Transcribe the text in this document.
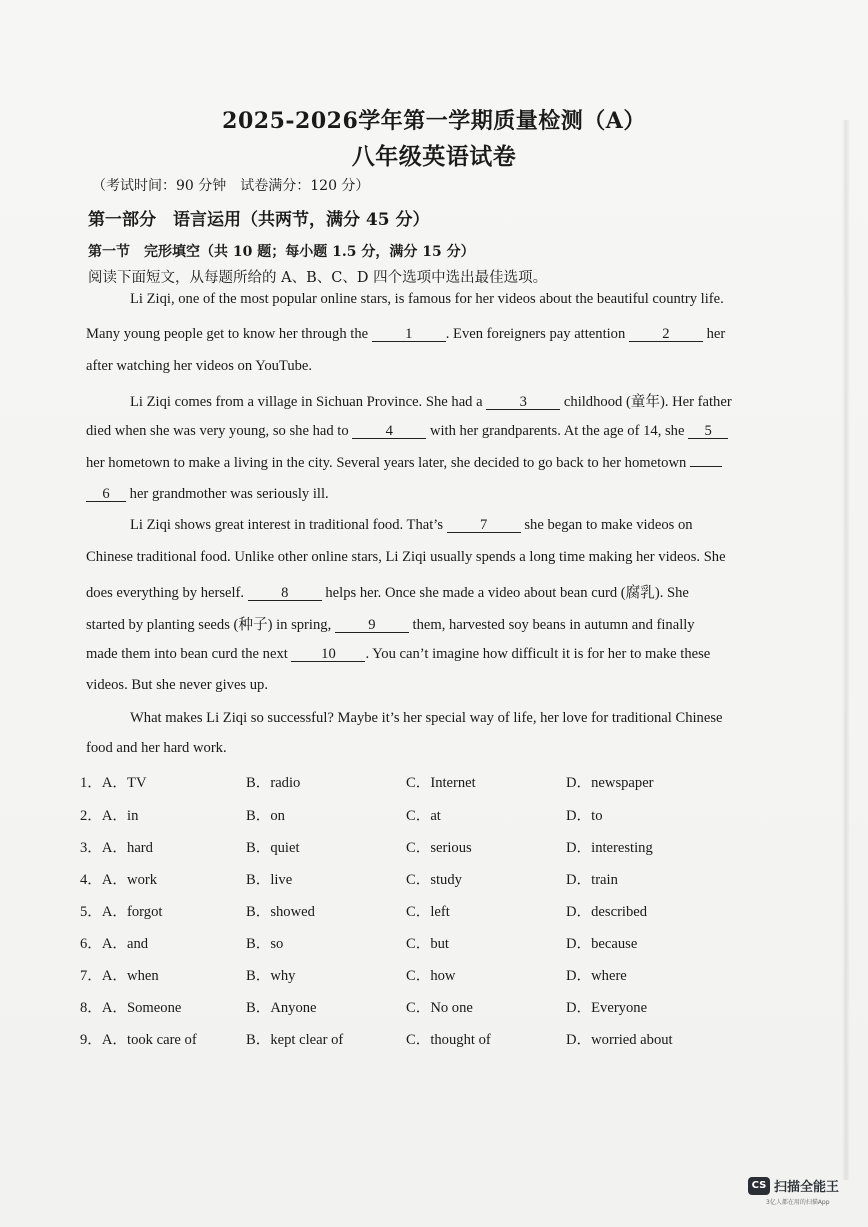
2025-2026学年第一学期质量检测（A）
八年级英语试卷
（考试时间：90 分钟　试卷满分：120 分）
第一部分　语言运用（共两节，满分 45 分）
第一节　完形填空（共 10 题；每小题 1.5 分，满分 15 分）
阅读下面短文，从每题所给的 A、B、C、D 四个选项中选出最佳选项。
Li Ziqi, one of the most popular online stars, is famous for her videos about the beautiful country life.
Many young people get to know her through the	1 . Even foreigners pay attention	2	her
after watching her videos on YouTube.
Li Ziqi comes from a village in Sichuan Province. She had a	3	childhood (童年). Her father
died when she was very young, so she had to	4	with her grandparents. At the age of 14, she 5
her hometown to make a living in the city. Several years later, she decided to go back to her hometown
6 her grandmother was seriously ill.
Li Ziqi shows great interest in traditional food. That’s	7	she began to make videos on
Chinese traditional food. Unlike other online stars, Li Ziqi usually spends a long time making her videos. She
does everything by herself.	8	helps her. Once she made a video about bean curd (腐乳). She
started by planting seeds (种子) in spring,	9	them, harvested soy beans in autumn and finally
made them into bean curd the next 10 . You can’t imagine how difficult it is for her to make these
videos. But she never gives up.
What makes Li Ziqi so successful? Maybe it’s her special way of life, her love for traditional Chinese
food and her hard work.
1．A．TV	B．radio	C．Internet	D．newspaper
2．A．in	B．on	C．at	D．to
3．A．hard	B．quiet	C．serious	D．interesting
4．A．work	B．live	C．study	D．train
5．A．forgot	B．showed	C．left	D．described
6．A．and	B．so	C．but	D．because
7．A．when	B．why	C．how	D．where
8．A．Someone	B．Anyone	C．No one	D．Everyone
9．A．took care of	B．kept clear of	C．thought of	D．worried about
CS 扫描全能王
3亿人都在用的扫描App
